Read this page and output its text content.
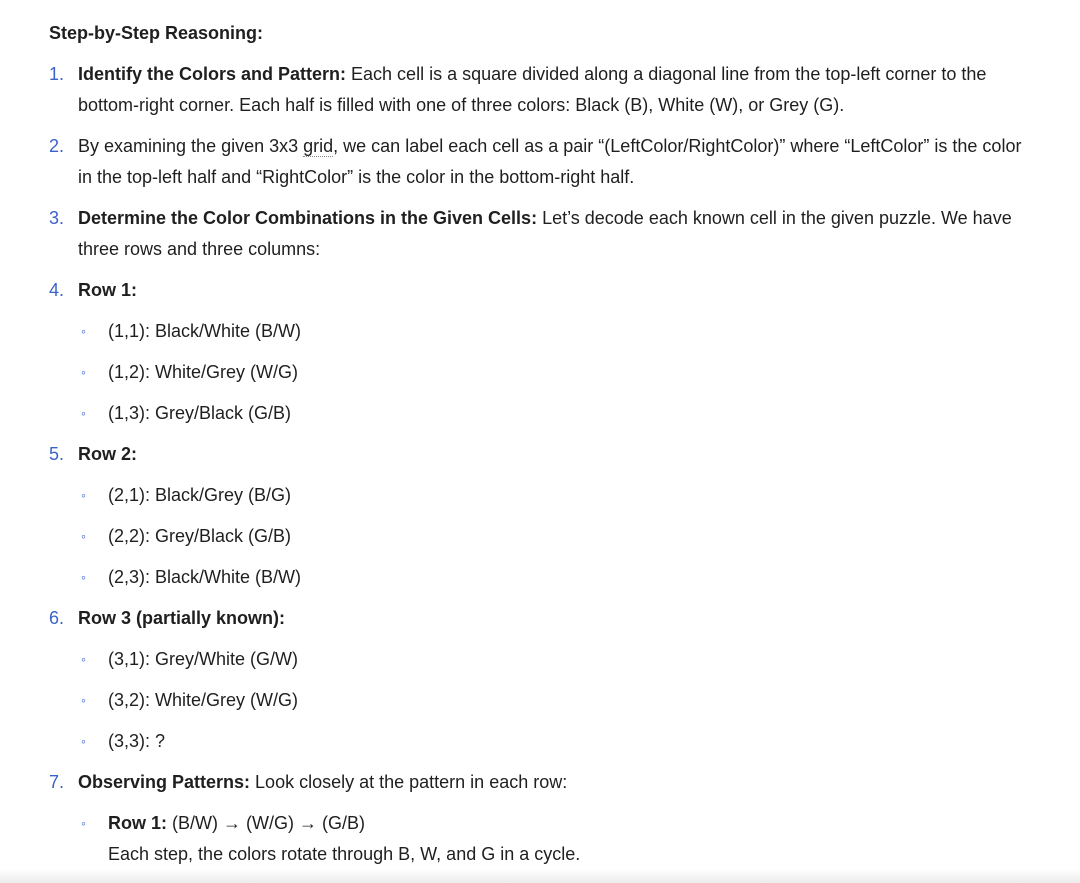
Step-by-Step Reasoning:
1. Identify the Colors and Pattern: Each cell is a square divided along a diagonal line from the top-left corner to the bottom-right corner. Each half is filled with one of three colors: Black (B), White (W), or Grey (G).
2. By examining the given 3x3 grid, we can label each cell as a pair “(LeftColor/RightColor)” where “LeftColor” is the color in the top-left half and “RightColor” is the color in the bottom-right half.
3. Determine the Color Combinations in the Given Cells: Let’s decode each known cell in the given puzzle. We have three rows and three columns:
4. Row 1:
◦	(1,1): Black/White (B/W)
◦	(1,2): White/Grey (W/G)
◦	(1,3): Grey/Black (G/B)
5. Row 2:
◦	(2,1): Black/Grey (B/G)
◦	(2,2): Grey/Black (G/B)
◦	(2,3): Black/White (B/W)
6. Row 3 (partially known):
◦	(3,1): Grey/White (G/W)
◦	(3,2): White/Grey (W/G)
◦	(3,3): ?
7. Observing Patterns: Look closely at the pattern in each row:
◦	Row 1: (B/W) → (W/G) → (G/B)
Each step, the colors rotate through B, W, and G in a cycle.
